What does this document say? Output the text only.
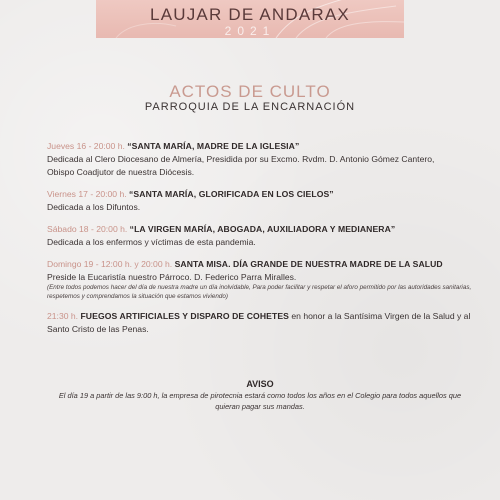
LAUJAR DE ANDARAX
2021
ACTOS DE CULTO
PARROQUIA DE LA ENCARNACIÓN
Jueves 16 - 20:00 h. “SANTA MARÍA, MADRE DE LA IGLESIA”
Dedicada al Clero Diocesano de Almería, Presidida por su Excmo. Rvdm. D. Antonio Gómez Cantero,
Obispo Coadjutor de nuestra Diócesis.
Viernes 17 - 20:00 h. “SANTA MARÍA, GLORIFICADA EN LOS CIELOS”
Dedicada a los Difuntos.
Sábado 18 - 20:00 h. “LA VIRGEN MARÍA, ABOGADA, AUXILIADORA Y MEDIANERA”
Dedicada a los enfermos y víctimas de esta pandemia.
Domingo 19 - 12:00 h. y 20:00 h. SANTA MISA. DÍA GRANDE DE NUESTRA MADRE DE LA SALUD
Preside la Eucaristía nuestro Párroco. D. Federico Parra Miralles.
(Entre todos podemos hacer del día de nuestra madre un día inolvidable, Para poder facilitar y respetar el aforo permitido por las autoridades sanitarias, respetemos y comprendamos la situación que estamos viviendo)
21:30 h. FUEGOS ARTIFICIALES Y DISPARO DE COHETES en honor a la Santísima Virgen de la Salud y al Santo Cristo de las Penas.
AVISO
El día 19 a partir de las 9:00 h, la empresa de pirotecnia estará como todos los años en el Colegio para todos aquellos que quieran pagar sus mandas.
